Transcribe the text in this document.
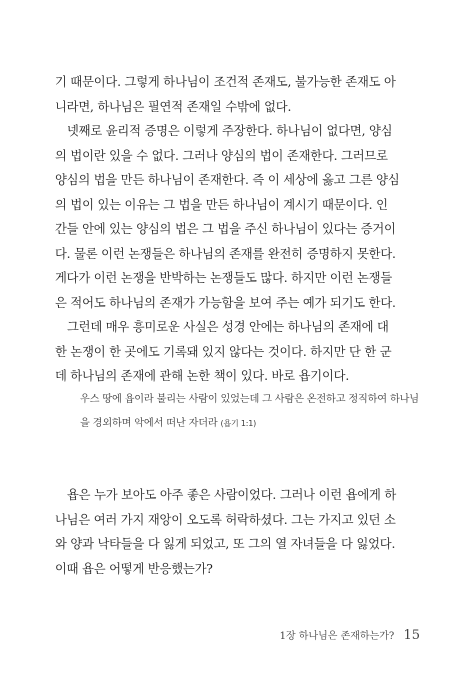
기 때문이다. 그렇게 하나님이 조건적 존재도, 불가능한 존재도 아
니라면, 하나님은 필연적 존재일 수밖에 없다.
넷째로 윤리적 증명은 이렇게 주장한다. 하나님이 없다면, 양심
의 법이란 있을 수 없다. 그러나 양심의 법이 존재한다. 그러므로
양심의 법을 만든 하나님이 존재한다. 즉 이 세상에 옳고 그른 양심
의 법이 있는 이유는 그 법을 만든 하나님이 계시기 때문이다. 인
간들 안에 있는 양심의 법은 그 법을 주신 하나님이 있다는 증거이
다. 물론 이런 논쟁들은 하나님의 존재를 완전히 증명하지 못한다.
게다가 이런 논쟁을 반박하는 논쟁들도 많다. 하지만 이런 논쟁들
은 적어도 하나님의 존재가 가능함을 보여 주는 예가 되기도 한다.
그런데 매우 흥미로운 사실은 성경 안에는 하나님의 존재에 대
한 논쟁이 한 곳에도 기록돼 있지 않다는 것이다. 하지만 단 한 군
데 하나님의 존재에 관해 논한 책이 있다. 바로 욥기이다.
우스 땅에 욥이라 불리는 사람이 있었는데 그 사람은 온전하고 정직하여 하나님
을 경외하며 악에서 떠난 자더라 (욥기 1:1)
욥은 누가 보아도 아주 좋은 사람이었다. 그러나 이런 욥에게 하
나님은 여러 가지 재앙이 오도록 허락하셨다. 그는 가지고 있던 소
와 양과 낙타들을 다 잃게 되었고, 또 그의 열 자녀들을 다 잃었다.
이때 욥은 어떻게 반응했는가?
1장 하나님은 존재하는가? 15
